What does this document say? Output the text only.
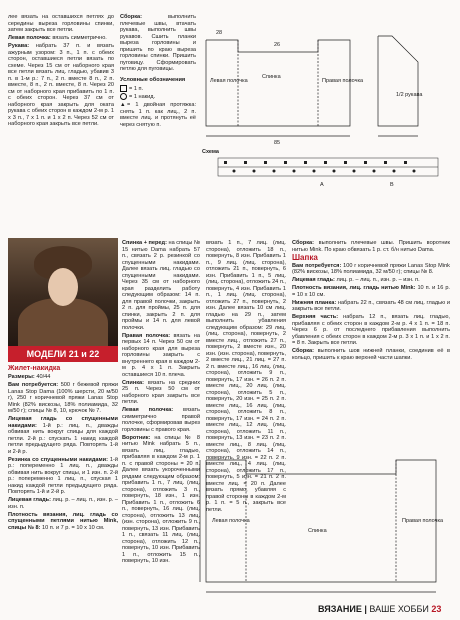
лее вязать на оставшихся петлях до середины выреза горловины спинки, затем закрыть все петли.

Левая полочка: вязать симметрично.

Рукава: набрать 37 п. и вязать ажурным узором: 3 п., 1 п. с обеих сторон, оставшиеся петли вязать по схеме. Через 15 см от наборного края все петли вязать лиц. гладью, убавив 3 п. в 1-м р.: 7 п., 2 п. вместе 8 п., 2 п. вместе, 8 п., 2 п. вместе, 8 п. Через 20 см от наборного края прибавить по 1 п. с обеих сторон. Через 37 см от наборного края закрыть для оката рукава с обеих сторон в каждом 2-м р. 1 x 3 п., 7 x 1 п. и 1 x 2 п. Через 52 см от наборного края закрыть все петли.

Сборка:	выполнить плечевые швы, втачать рукава, выполнить швы рукавов. Сшить планки выреза горловины и пришить по краю выреза горловины спинки. Пришить пуговицу. Сформировать петлю для пуговицы.

Условные обозначения

= 1 п.

= 1 накид.

▲= 1 двойная протяжка: снять 1 п. как лиц., 2 п. вместе лиц. и протянуть её через снятую п.

Левая полочка
Спинка
Правая полочка
85
28
26
1/2 рукава
Схема
A	B
МОДЕЛИ 21 и 22

Жилет-накидка

Размеры: 40/44

Вам потребуется: 500 г бежевой пряжи Lanas Stop Dama (100% шерсти, 20 м/50 г), 250 г коричневой пряжи Lanas Stop Mink (82% вискозы, 18% полиамида, 32 м/50 г); спицы № 8, 10, крючок № 7.

Лицевая гладь со спущенными накидами: 1-й р.: лиц. п., дважды обвивая нить вокруг спицы для каждой петли. 2-й р.: спускать 1 накид каждой петли предыдущего ряда. Повторять 1-й и 2-й р.

Резинка со спущенными накидами: 1-й р.: попеременно 1 лиц. п., дважды обвивая нить вокруг спицы, и 1 изн. п. 2-й р.: попеременно 1 лиц. п., спуская 1 накид каждой петли предыдущего ряда. Повторять 1-й и 2-й р.

Лицевая гладь: лиц. р. – лиц. п., изн. р. – изн. п.

Плотность вязания, лиц. гладь со спущенными петлями нитью Mink, спицы № 8: 10 п. и 7 р. = 10 x 10 см.

Спинка + перед: на спицы № 15 нитью Dama набрать 57 п., связать 2 р. резинкой со спущенными накидами. Далее вязать лиц. гладью со спущенными накидами. Через 35 см от наборного края разделить работу следующим образом: 14 п. для правой полочки, закрыть 2 п. для проймы, 25 п. для спинки, закрыть 2 п. для проймы и 14 п. для левой полочки.

Правая полочка: вязать на первых 14 п. Через 50 см от наборного края для выреза горловины закрыть с внутреннего края в каждом 2-м р. 4 x 1 п. Закрыть оставшиеся 10 п. плеча.

Спинка: вязать на средних 25 п. Через 50 см от наборного края закрыть все петли.

Левая полочка: вязать симметрично правой полочке, сформировав вырез горловины с правого края.

Воротник: на спицы № 8 нитью Mink набрать 5 п., вязать лиц. гладью, прибавляя в каждом 2-м р. 1 п. с правой стороны = 20 п. Далее вязать укороченными рядами следующим образом: прибавить 1 п., 7 лиц. (лиц. сторона), отложить 3 п., повернуть, 18 изн., 1 изн. Прибавить 1 п., отложить 6 п., повернуть, 16 лиц. (лиц. сторона), отложить 13 лиц. (изн. сторона), отложить 9 п., повернуть, 13 изн. Прибавить 1 п., связать 11 лиц. (лиц. сторона), отложить 12 п., повернуть, 10 изн. Прибавить 1 п., отложить 15 п., повернуть, 10 изн.

вязать 1 п., 7 лиц. (лиц. сторона), отложить 18 п., повернуть, 8 изн. Прибавить 1 п., 9 лиц. (лиц. сторона), отложить 21 п., повернуть, 6 изн. Прибавить 1 п., 5 лиц. (лиц. сторона), отложить 24 п., повернуть, 4 изн. Прибавить 1 п., 1 лиц. (лиц. сторона), отложить 27 п., повернуть, 2 изн. Далее вязать 10 см лиц. гладью на 29 п., затем выполнить убавления следующим образом: 29 лиц. (лиц. сторона), повернуть, 2 вместе лиц., отложить 27 п., повернуть, 2 вместе изн., 20 изн. (изн. сторона), повернуть, 2 вместе лиц., 21 лиц. = 27 п. 2 п. вместе лиц., 16 лиц. (лиц. сторона), отложить 9 п., повернуть, 17 изн. = 26 п. 2 п. вместе лиц., 20 лиц. (лиц. сторона), отложить 5 п., повернуть, 20 изн. = 25 п. 2 п. вместе лиц., 16 лиц. (лиц. сторона), отложить 8 п., повернуть, 17 изн. = 24 п. 2 п. вместе лиц., 12 лиц. (лиц. сторона), отложить 11 п., повернуть, 13 изн. = 23 п. 2 п. вместе лиц., 8 лиц. (лиц. сторона), отложить 14 п., повернуть, 9 изн. = 22 п. 2 п. вместе лиц., 4 лиц. (лиц. сторона), отложить 17 п., повернуть, 5 изн. = 21 п. 2 п. вместе лиц. = 20 п. Далее вязать прямо, убавляя с правой стороны в каждом 2-м р. 1 п. = 5 п., закрыть все петли.

Сборка: выполнить плечевые швы. Пришить воротник нитью Mink. По краю обвязать 1 р. ст. б/н нитью Dama.

Шапка

Вам потребуется: 100 г коричневой пряжи Lanas Stop Mink (82% вискозы, 18% полиамида, 32 м/50 г); спицы № 8.

Лицевая гладь: лиц. р. – лиц. п., изн. р. – изн. п.

Плотность вязания, лиц. гладь нитью Mink: 10 п. и 16 р. = 10 x 10 см.

Нижняя планка: набрать 22 п., связать 48 см лиц. гладью и закрыть все петли.

Верхняя часть: набрать 12 п., вязать лиц. гладью, прибавляя с обеих сторон в каждом 2-м р. 4 x 1 п. = 18 п. Через 6 р. от последнего прибавления выполнить убавления с обеих сторон в каждом 2-м р. 3 x 1 п. и 1 x 2 п. = 8 п. Закрыть все петли.

Сборка: выполнить шов нижней планки, соединив её в кольцо, пришить к краю верхней части шапки.

Левая полочка
Спинка
Правая полочка
ВЯЗАНИЕ | ВАШЕ ХОББИ 23
